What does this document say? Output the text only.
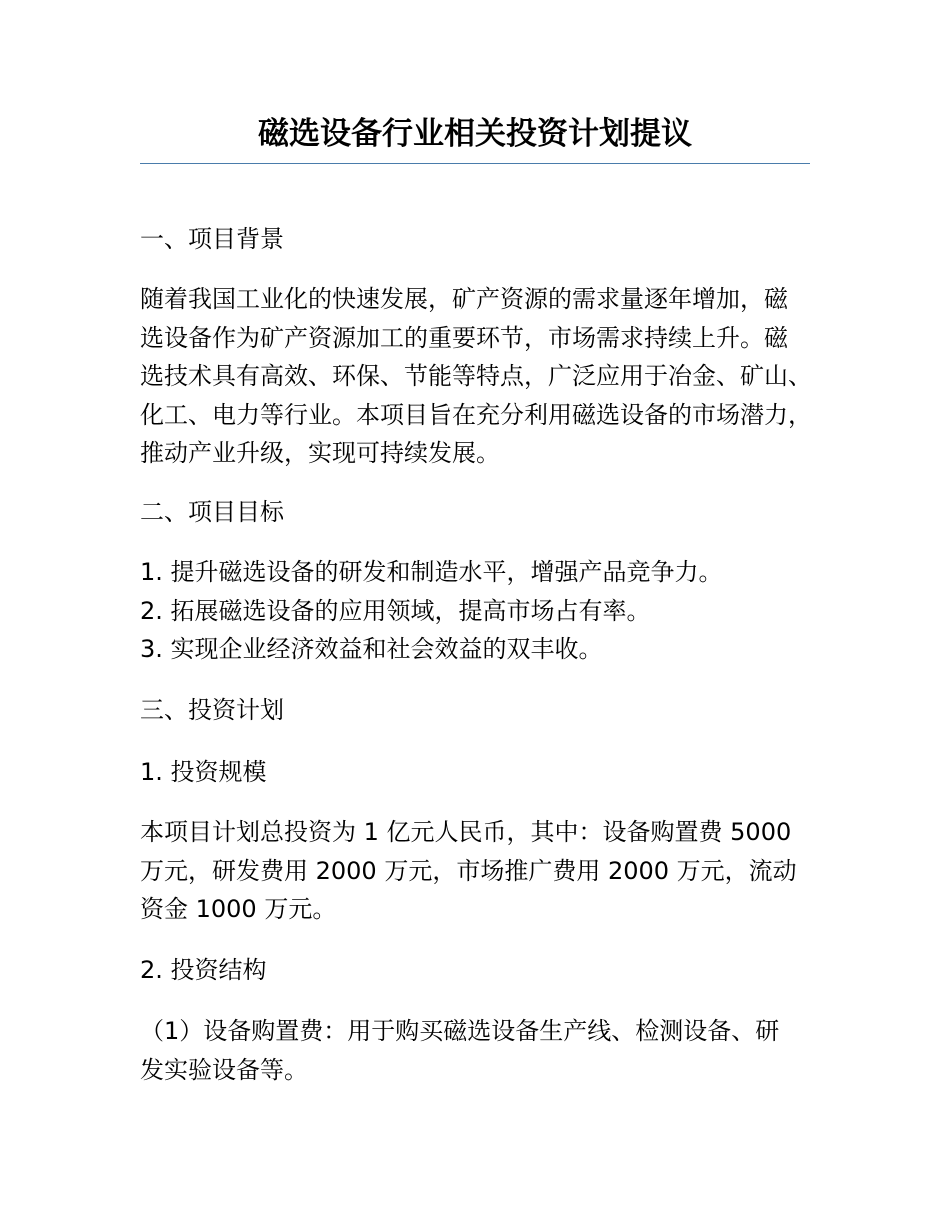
磁选设备行业相关投资计划提议
一、项目背景
随着我国工业化的快速发展，矿产资源的需求量逐年增加，磁
选设备作为矿产资源加工的重要环节，市场需求持续上升。磁
选技术具有高效、环保、节能等特点，广泛应用于冶金、矿山、
化工、电力等行业。本项目旨在充分利用磁选设备的市场潜力，
推动产业升级，实现可持续发展。
二、项目目标
1. 提升磁选设备的研发和制造水平，增强产品竞争力。
2. 拓展磁选设备的应用领域，提高市场占有率。
3. 实现企业经济效益和社会效益的双丰收。
三、投资计划
1. 投资规模
本项目计划总投资为 1 亿元人民币，其中：设备购置费 5000
万元，研发费用 2000 万元，市场推广费用 2000 万元，流动
资金 1000 万元。
2. 投资结构
（1）设备购置费：用于购买磁选设备生产线、检测设备、研
发实验设备等。
